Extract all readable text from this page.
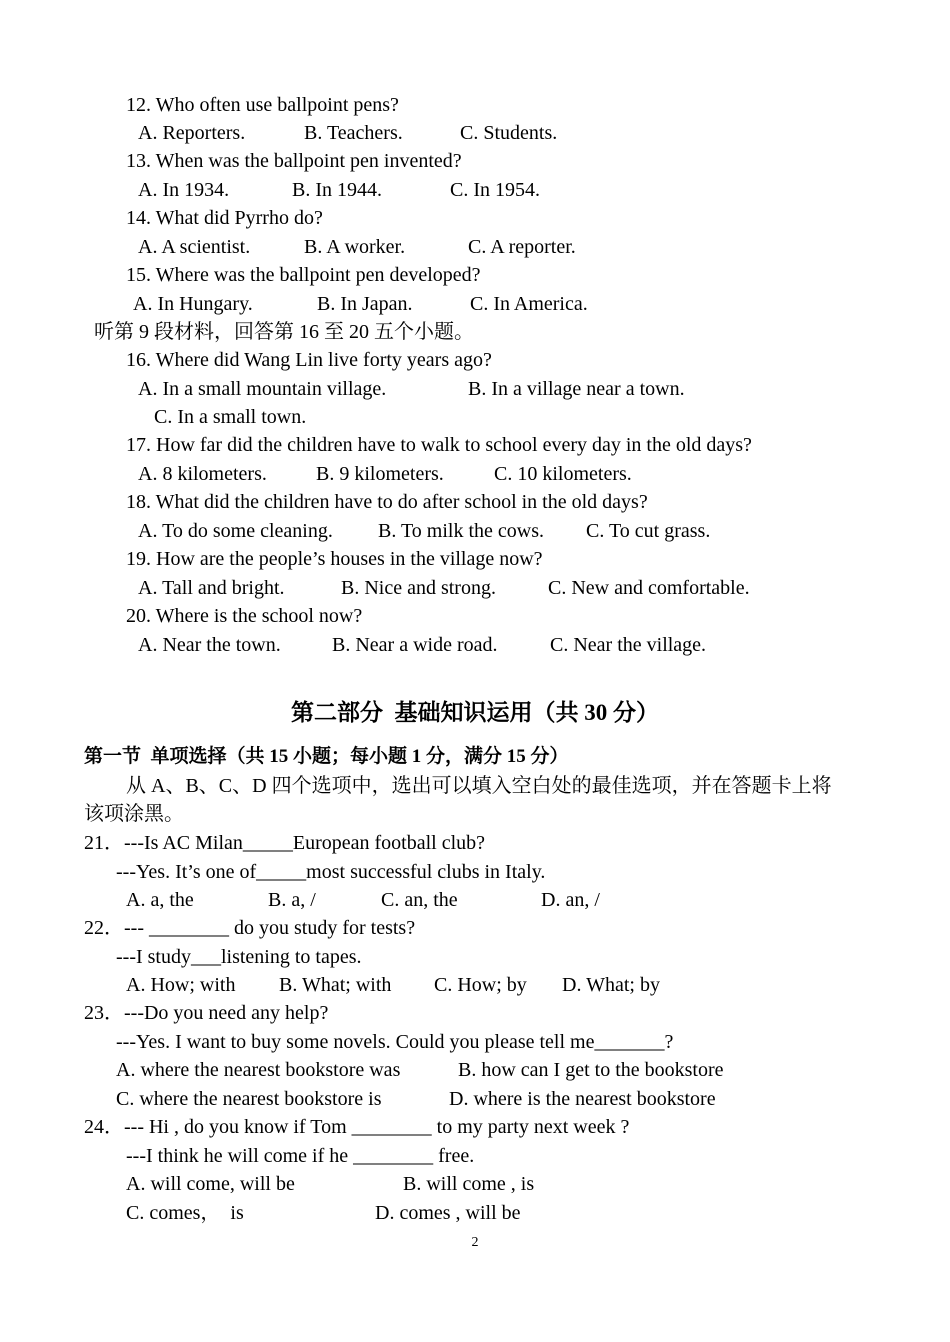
12. Who often use ballpoint pens?
A. Reporters.	B. Teachers.	C. Students.
13. When was the ballpoint pen invented?
A. In 1934.	B. In 1944.	C. In 1954.
14. What did Pyrrho do?
A. A scientist.	B. A worker.	C. A reporter.
15. Where was the ballpoint pen developed?
A. In Hungary.	B. In Japan.	C. In America.
听第 9 段材料，回答第 16 至 20 五个小题。
16. Where did Wang Lin live forty years ago?
A. In a small mountain village.	B. In a village near a town.
C. In a small town.
17. How far did the children have to walk to school every day in the old days?
A. 8 kilometers. B. 9 kilometers.	C. 10 kilometers.
18. What did the children have to do after school in the old days?
A. To do some cleaning. B. To milk the cows. C. To cut grass.
19. How are the people’s houses in the village now?
A. Tall and bright.	B. Nice and strong.	C. New and comfortable.
20. Where is the school now?
A. Near the town.	B. Near a wide road.	C. Near the village.
第二部分  基础知识运用（共 30 分）
第一节  单项选择（共 15 小题；每小题 1 分，满分 15 分）
从 A、B、C、D 四个选项中，选出可以填入空白处的最佳选项，并在答题卡上将
该项涂黑。
21．---Is AC Milan_____European football club?
---Yes. It’s one of_____most successful clubs in Italy.
A. a, the	B. a, /	C. an, the	D. an, /
22．--- ________ do you study for tests?
---I study___listening to tapes.
A. How; with B. What; with C. How; by D. What; by
23．---Do you need any help?
---Yes. I want to buy some novels. Could you please tell me_______?
A. where the nearest bookstore was	B. how can I get to the bookstore
C. where the nearest bookstore is	D. where is the nearest bookstore
24．--- Hi , do you know if Tom ________ to my party next week ?
---I think he will come if he ________ free.
A. will come, will be	B. will come , is
C. comes，  is	D. comes , will be
2
